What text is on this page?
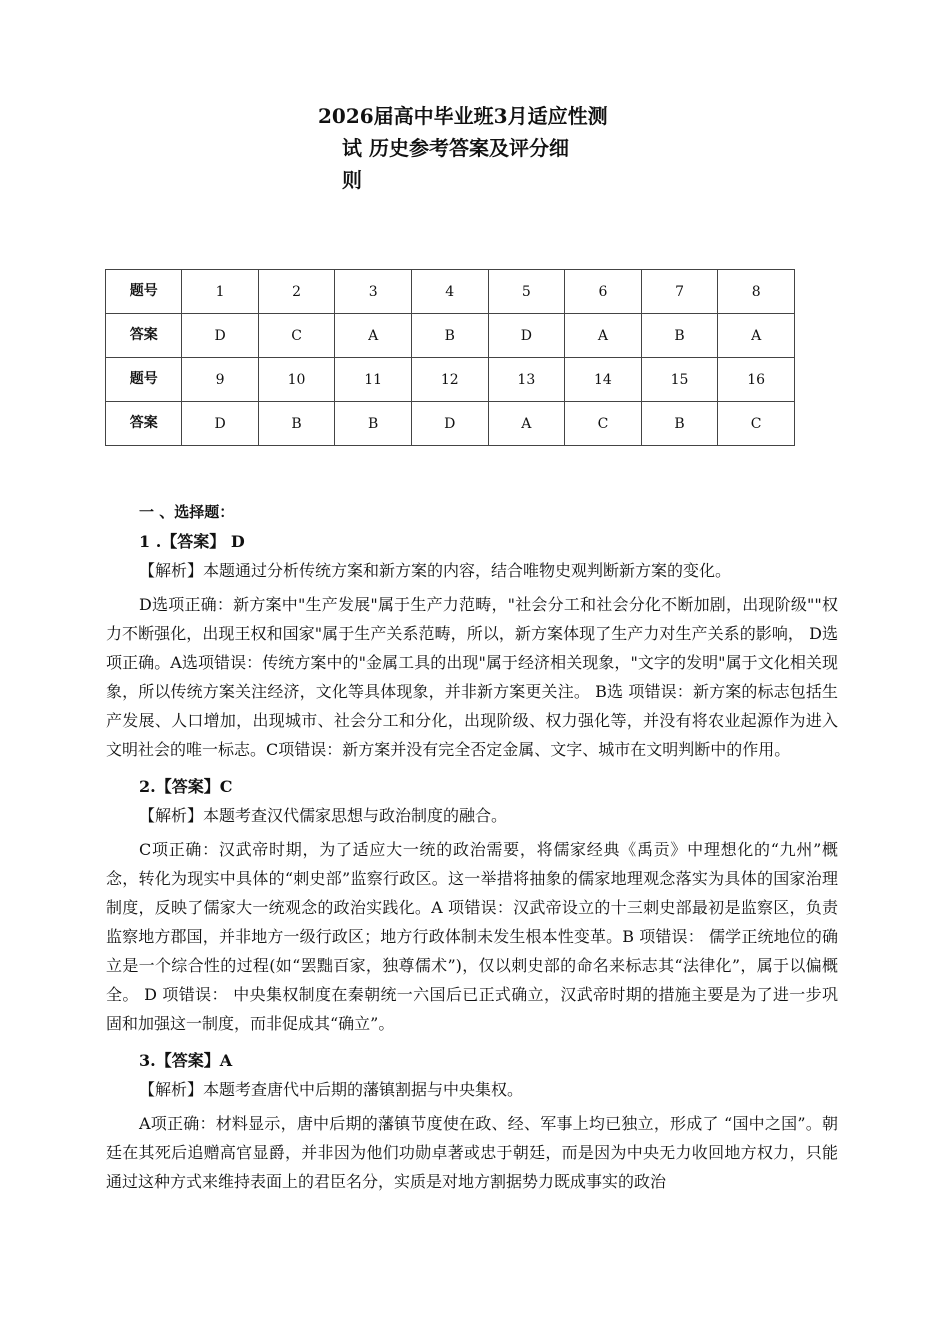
2026届高中毕业班3月适应性测
试 历史参考答案及评分细
则
题号	1	2	3	4	5	6	7	8
答案	D	C	A	B	D	A	B	A
题号	9	10	11	12	13	14	15	16
答案	D	B	B	D	A	C	B	C

一 、选择题：

1 .【答案】 D

【解析】本题通过分析传统方案和新方案的内容，结合唯物史观判断新方案的变化。

D选项正确：新方案中"生产发展"属于生产力范畴，"社会分工和社会分化不断加剧，出现阶级""权力不断强化，出现王权和国家"属于生产关系范畴，所以，新方案体现了生产力对生产关系的影响， D选项正确。A选项错误：传统方案中的"金属工具的出现"属于经济相关现象，"文字的发明"属于文化相关现象，所以传统方案关注经济，文化等具体现象，并非新方案更关注。 B选 项错误：新方案的标志包括生产发展、人口增加，出现城市、社会分工和分化，出现阶级、权力强化等，并没有将农业起源作为进入文明社会的唯一标志。C项错误：新方案并没有完全否定金属、文字、城市在文明判断中的作用。

2.【答案】C

【解析】本题考查汉代儒家思想与政治制度的融合。

C项正确：汉武帝时期，为了适应大一统的政治需要，将儒家经典《禹贡》中理想化的“九州”概念，转化为现实中具体的“刺史部”监察行政区。这一举措将抽象的儒家地理观念落实为具体的国家治理制度，反映了儒家大一统观念的政治实践化。A 项错误：汉武帝设立的十三刺史部最初是监察区，负责监察地方郡国，并非地方一级行政区；地方行政体制未发生根本性变革。B 项错误： 儒学正统地位的确立是一个综合性的过程(如“罢黜百家，独尊儒术”)，仅以刺史部的命名来标志其“法律化”，属于以偏概全。 D 项错误： 中央集权制度在秦朝统一六国后已正式确立，汉武帝时期的措施主要是为了进一步巩固和加强这一制度，而非促成其“确立”。

3.【答案】A

【解析】本题考查唐代中后期的藩镇割据与中央集权。

A项正确：材料显示，唐中后期的藩镇节度使在政、经、军事上均已独立，形成了 “国中之国”。朝廷在其死后追赠高官显爵，并非因为他们功勋卓著或忠于朝廷，而是因为中央无力收回地方权力，只能通过这种方式来维持表面上的君臣名分，实质是对地方割据势力既成事实的政治
